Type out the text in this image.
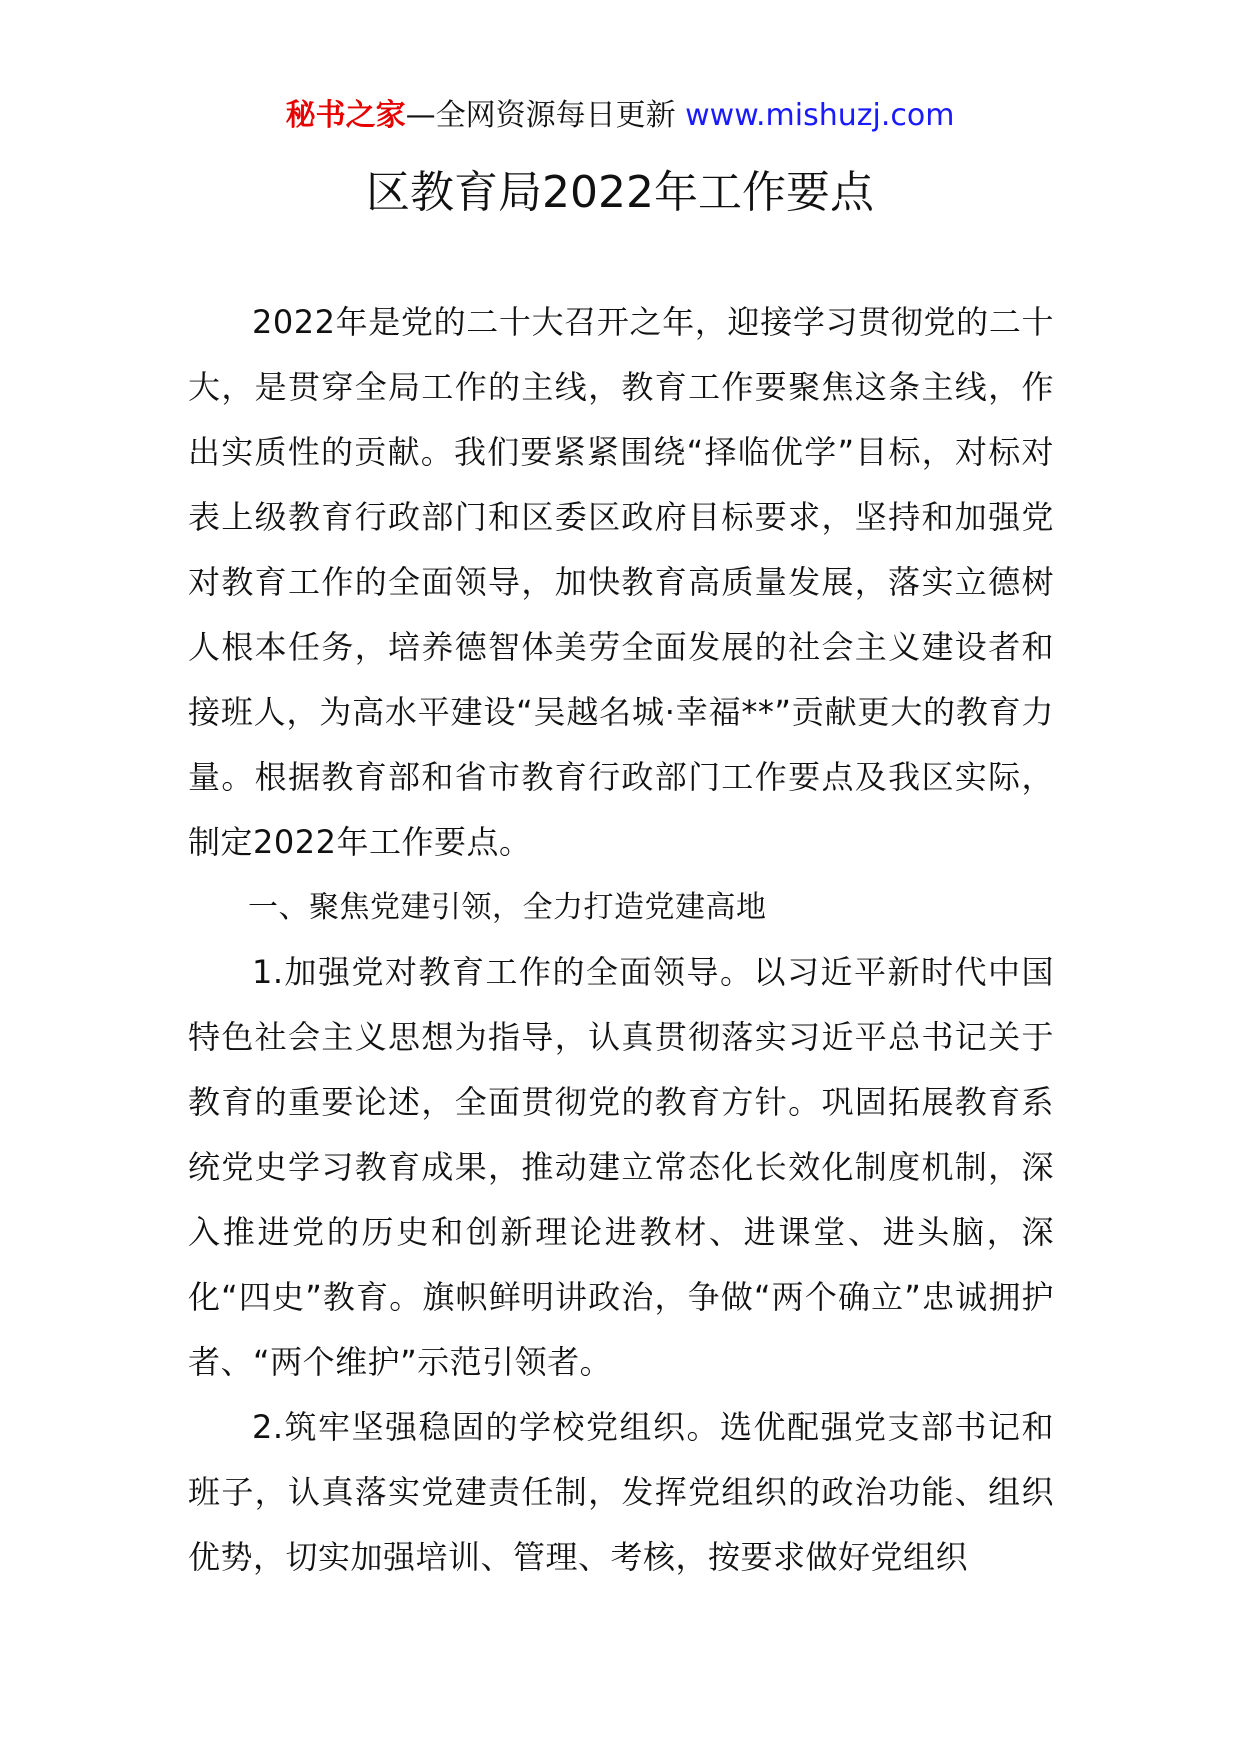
秘书之家—全网资源每日更新 www.mishuzj.com
区教育局2022年工作要点

2022年是党的二十大召开之年，迎接学习贯彻党的二十大，是贯穿全局工作的主线，教育工作要聚焦这条主线，作出实质性的贡献。我们要紧紧围绕“择临优学”目标，对标对表上级教育行政部门和区委区政府目标要求，坚持和加强党对教育工作的全面领导，加快教育高质量发展，落实立德树人根本任务，培养德智体美劳全面发展的社会主义建设者和接班人，为高水平建设“吴越名城·幸福**”贡献更大的教育力量。根据教育部和省市教育行政部门工作要点及我区实际，制定2022年工作要点。

一、聚焦党建引领，全力打造党建高地

1.加强党对教育工作的全面领导。以习近平新时代中国特色社会主义思想为指导，认真贯彻落实习近平总书记关于教育的重要论述，全面贯彻党的教育方针。巩固拓展教育系统党史学习教育成果，推动建立常态化长效化制度机制，深入推进党的历史和创新理论进教材、进课堂、进头脑，深化“四史”教育。旗帜鲜明讲政治，争做“两个确立”忠诚拥护者、“两个维护”示范引领者。

2.筑牢坚强稳固的学校党组织。选优配强党支部书记和班子，认真落实党建责任制，发挥党组织的政治功能、组织优势，切实加强培训、管理、考核，按要求做好党组织
